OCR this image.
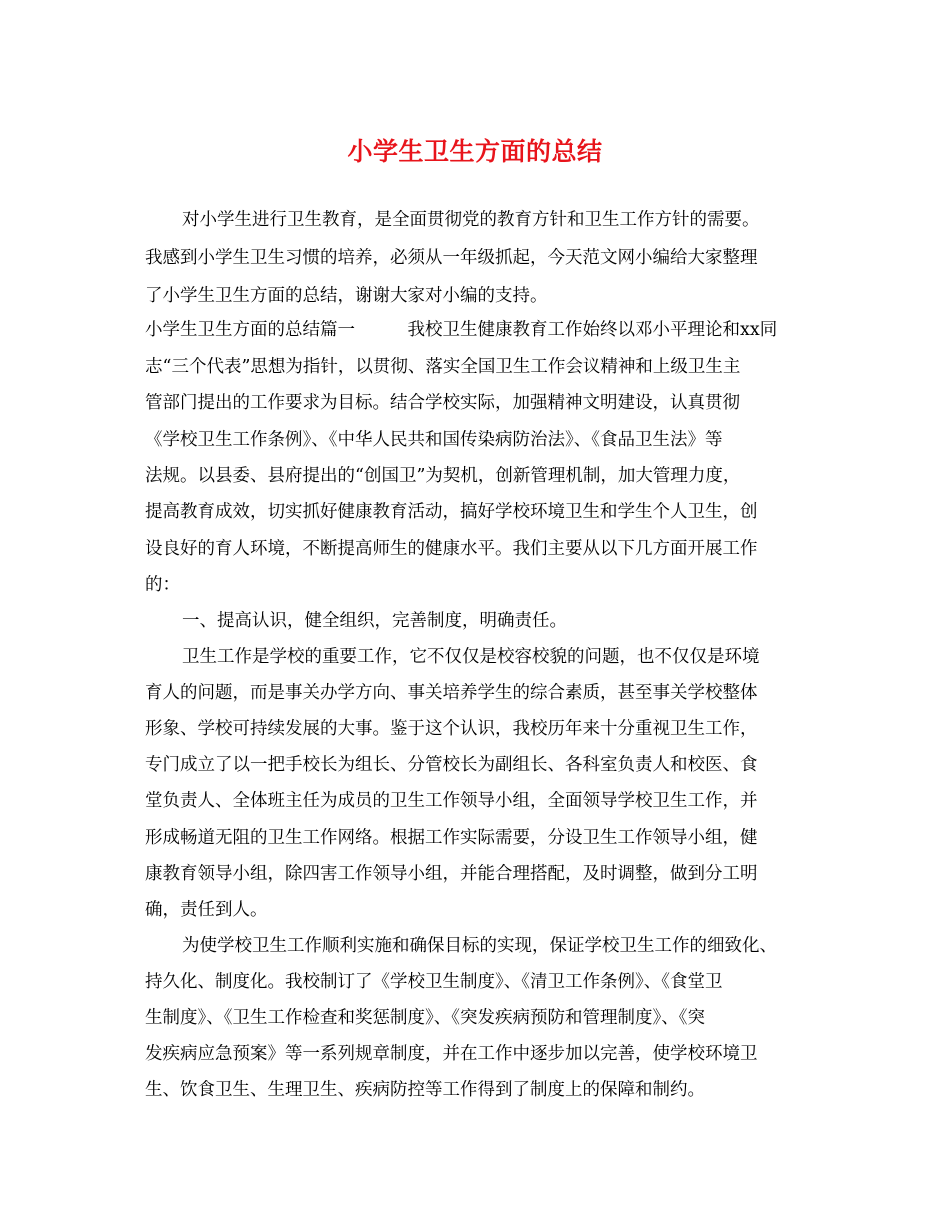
小学生卫生方面的总结
对小学生进行卫生教育，是全面贯彻党的教育方针和卫生工作方针的需要。
我感到小学生卫生习惯的培养，必须从一年级抓起，今天范文网小编给大家整理
了小学生卫生方面的总结，谢谢大家对小编的支持。
小学生卫生方面的总结篇一　　　我校卫生健康教育工作始终以邓小平理论和xx同
志“三个代表”思想为指针，以贯彻、落实全国卫生工作会议精神和上级卫生主
管部门提出的工作要求为目标。结合学校实际，加强精神文明建设，认真贯彻
《学校卫生工作条例》、《中华人民共和国传染病防治法》、《食品卫生法》等
法规。以县委、县府提出的“创国卫”为契机，创新管理机制，加大管理力度，
提高教育成效，切实抓好健康教育活动，搞好学校环境卫生和学生个人卫生，创
设良好的育人环境，不断提高师生的健康水平。我们主要从以下几方面开展工作
的：
一、提高认识，健全组织，完善制度，明确责任。
卫生工作是学校的重要工作，它不仅仅是校容校貌的问题，也不仅仅是环境
育人的问题，而是事关办学方向、事关培养学生的综合素质，甚至事关学校整体
形象、学校可持续发展的大事。鉴于这个认识，我校历年来十分重视卫生工作，
专门成立了以一把手校长为组长、分管校长为副组长、各科室负责人和校医、食
堂负责人、全体班主任为成员的卫生工作领导小组，全面领导学校卫生工作，并
形成畅道无阻的卫生工作网络。根据工作实际需要，分设卫生工作领导小组，健
康教育领导小组，除四害工作领导小组，并能合理搭配，及时调整，做到分工明
确，责任到人。
为使学校卫生工作顺利实施和确保目标的实现，保证学校卫生工作的细致化、
持久化、制度化。我校制订了《学校卫生制度》、《清卫工作条例》、《食堂卫
生制度》、《卫生工作检查和奖惩制度》、《突发疾病预防和管理制度》、《突
发疾病应急预案》等一系列规章制度，并在工作中逐步加以完善，使学校环境卫
生、饮食卫生、生理卫生、疾病防控等工作得到了制度上的保障和制约。
